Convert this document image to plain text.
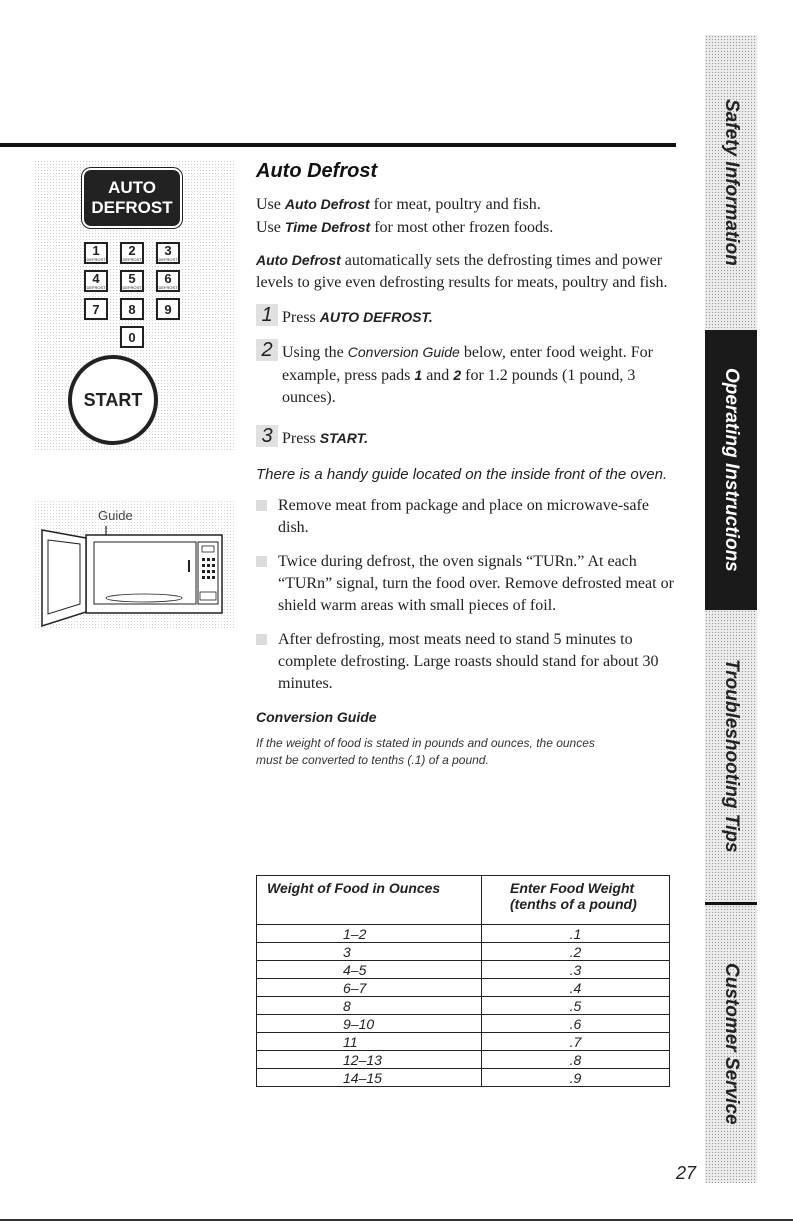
AUTO
DEFROST
1
DEFROST
2
DEFROST
3
DEFROST
4
DEFROST
5
DEFROST
6
DEFROST
7	8	9
0
START
Guide
Auto Defrost

Use Auto Defrost for meat, poultry and fish.

Use Time Defrost for most other frozen foods.

Auto Defrost automatically sets the defrosting times and power levels to give even defrosting results for meats, poultry and fish.

1 Press AUTO DEFROST.
2 Using the Conversion Guide below, enter food weight. For example, press pads 1 and 2 for 1.2 pounds (1 pound, 3 ounces).
3 Press START.
There is a handy guide located on the inside front of the oven.
Remove meat from package and place on microwave-safe dish.
Twice during defrost, the oven signals “TURn.” At each “TURn” signal, turn the food over. Remove defrosted meat or shield warm areas with small pieces of foil.
After defrosting, most meats need to stand 5 minutes to complete defrosting. Large roasts should stand for about 30 minutes.
Conversion Guide
If the weight of food is stated in pounds and ounces, the ounces must be converted to tenths (.1) of a pound.
Weight of Food in Ounces	Enter Food Weight (tenths of a pound)
1–2	.1
3	.2
4–5	.3
6–7	.4
8	.5
9–10	.6
11	.7
12–13	.8
14–15	.9
Safety Information
Operating Instructions
Troubleshooting Tips
Customer Service
27
